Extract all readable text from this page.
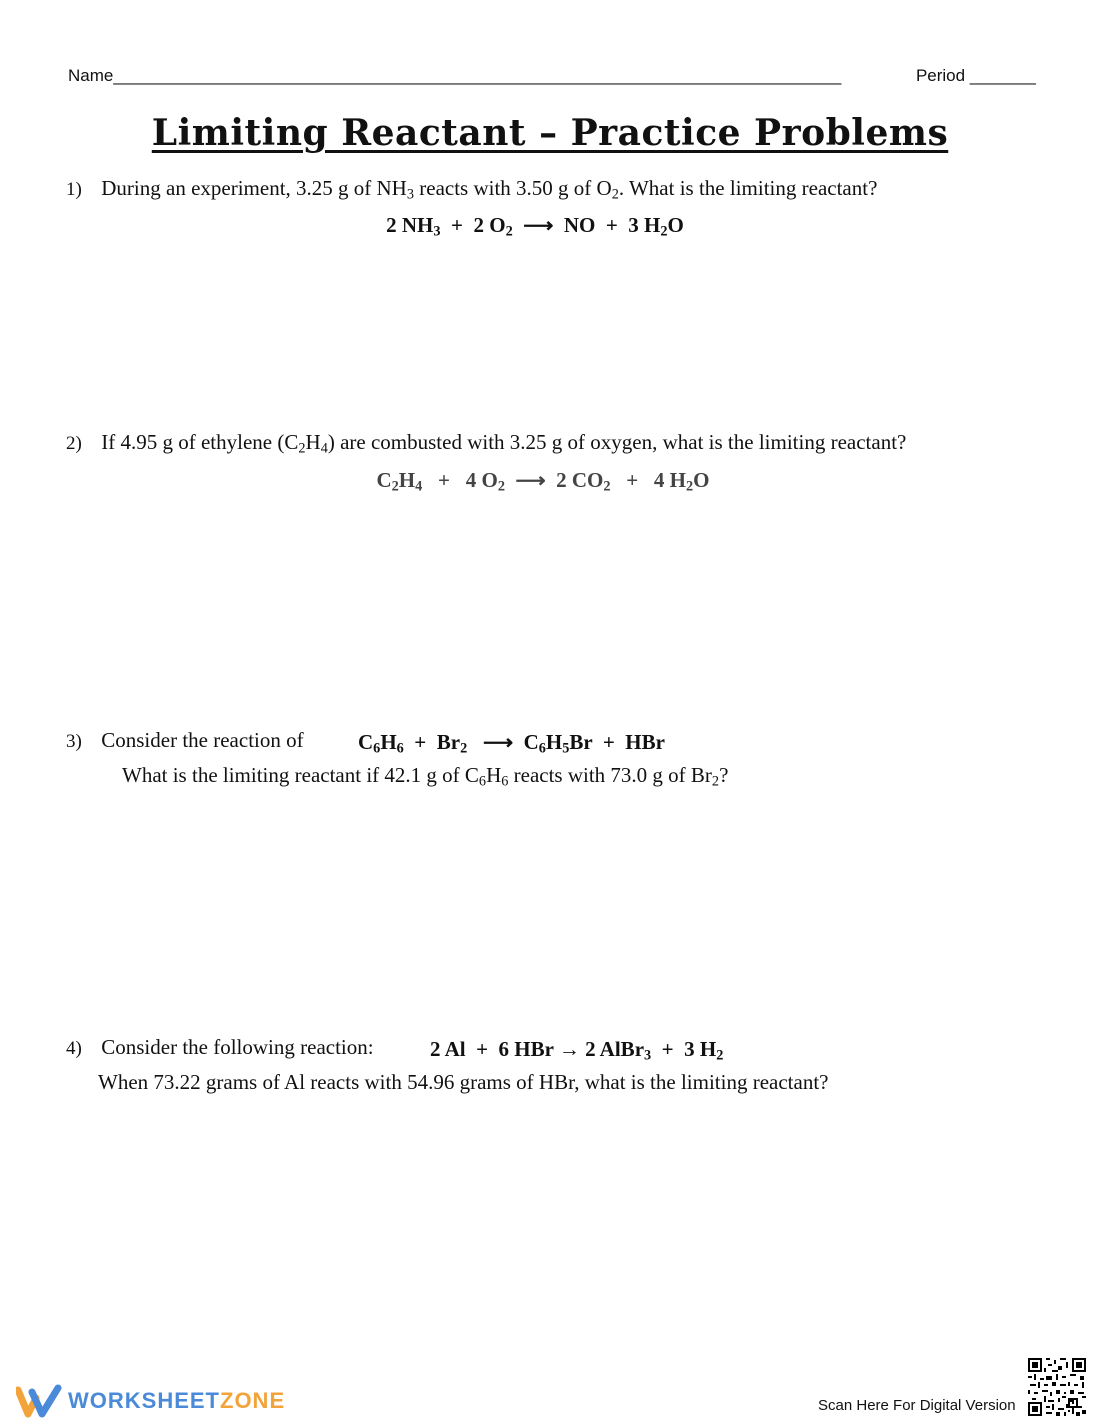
Name_____________________________________________________________________________	Period _______
Limiting Reactant – Practice Problems
1) During an experiment, 3.25 g of $NH_3$ reacts with 3.50 g of $O_2$. What is the limiting reactant?
2 $NH_3 + 2$ $O_2$  ⟶  NO  +  3 $H_2O$
2) If 4.95 g of ethylene $(C_2H_4)$ are combusted with 3.25 g of oxygen, what is the limiting reactant?
$C_2H_4 + 4$ $O_2$  ⟶  2 $CO_2 + 4$ $H_2O$
3) Consider the reaction of	$C_6H_6 + Br_2$   ⟶  $C_6H_5Br$  +  HBr
What is the limiting reactant if 42.1 g of $C_6H_6$ reacts with 73.0 g of $Br_2$?
4) Consider the following reaction:	2 Al  +  6 HBr → 2 AlBr$_3$  +  3 $H_2$
When 73.22 grams of Al reacts with 54.96 grams of HBr, what is the limiting reactant?
WORKSHEETZONE	Scan Here For Digital Version
